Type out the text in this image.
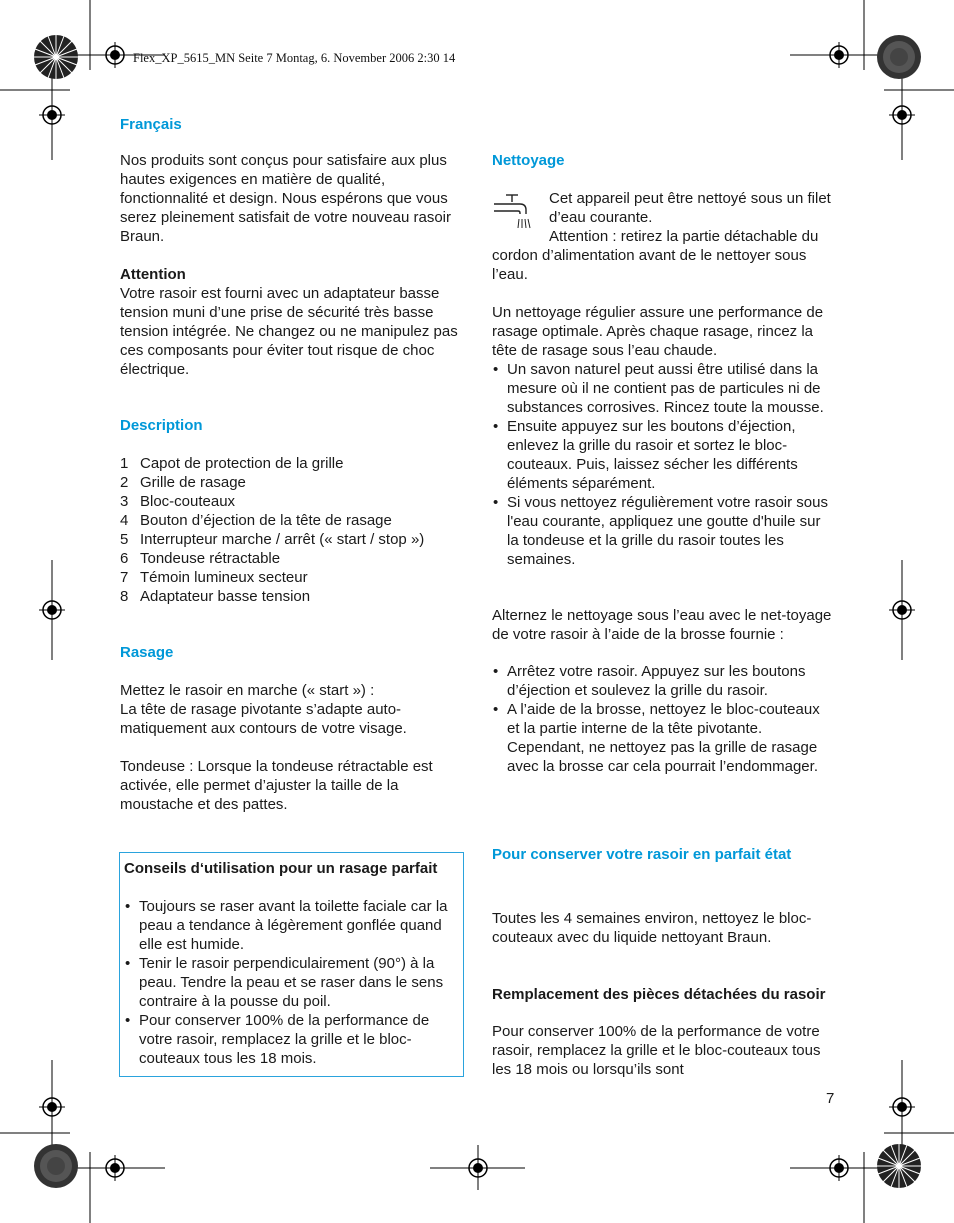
Flex_XP_5615_MN Seite 7 Montag, 6. November 2006 2:30 14
Français

Nos produits sont conçus pour satisfaire aux plus hautes exigences en matière de qualité, fonctionnalité et design. Nous espérons que vous serez pleinement satisfait de votre nouveau rasoir Braun.

Attention

Votre rasoir est fourni avec un adaptateur basse tension muni d’une prise de sécurité très basse tension intégrée. Ne changez ou ne manipulez pas ces composants pour éviter tout risque de choc électrique.

Description
1 Capot de protection de la grille
2 Grille de rasage
3 Bloc-couteaux
4 Bouton d’éjection de la tête de rasage
5 Interrupteur marche / arrêt (« start / stop »)
6 Tondeuse rétractable
7 Témoin lumineux secteur
8 Adaptateur basse tension
Rasage

Mettez le rasoir en marche (« start ») :

La tête de rasage pivotante s’adapte auto-matiquement aux contours de votre visage.

Tondeuse : Lorsque la tondeuse rétractable est activée, elle permet d’ajuster la taille de la moustache et des pattes.

Conseils d‘utilisation pour un rasage parfait

• Toujours se raser avant la toilette faciale car la peau a tendance à légèrement gonflée quand elle est humide.
• Tenir le rasoir perpendiculairement (90°) à la peau. Tendre la peau et se raser dans le sens contraire à la pousse du poil.
• Pour conserver 100% de la performance de votre rasoir, remplacez la grille et le bloc-couteaux tous les 18 mois.
Nettoyage

Cet appareil peut être nettoyé sous un filet d’eau courante.

Attention : retirez la partie détachable du cordon d’alimentation avant de le nettoyer sous l’eau.

Un nettoyage régulier assure une performance de rasage optimale. Après chaque rasage, rincez la tête de rasage sous l’eau chaude.

• Un savon naturel peut aussi être utilisé dans la mesure où il ne contient pas de particules ni de substances corrosives. Rincez toute la mousse.
• Ensuite appuyez sur les boutons d’éjection, enlevez la grille du rasoir et sortez le bloc-couteaux. Puis, laissez sécher les différents éléments séparément.
• Si vous nettoyez régulièrement votre rasoir sous l'eau courante, appliquez une goutte d'huile sur la tondeuse et la grille du rasoir toutes les semaines.

Alternez le nettoyage sous l’eau avec le net-toyage de votre rasoir à l’aide de la brosse fournie :

• Arrêtez votre rasoir. Appuyez sur les boutons d’éjection et soulevez la grille du rasoir.
• A l’aide de la brosse, nettoyez le bloc-couteaux et la partie interne de la tête pivotante. Cependant, ne nettoyez pas la grille de rasage avec la brosse car cela pourrait l’endommager.
Pour conserver votre rasoir en parfait état

Toutes les 4 semaines environ, nettoyez le bloc-couteaux avec du liquide nettoyant Braun.

Remplacement des pièces détachées du rasoir

Pour conserver 100% de la performance de votre rasoir, remplacez la grille et le bloc-couteaux tous les 18 mois ou lorsqu’ils sont

7
